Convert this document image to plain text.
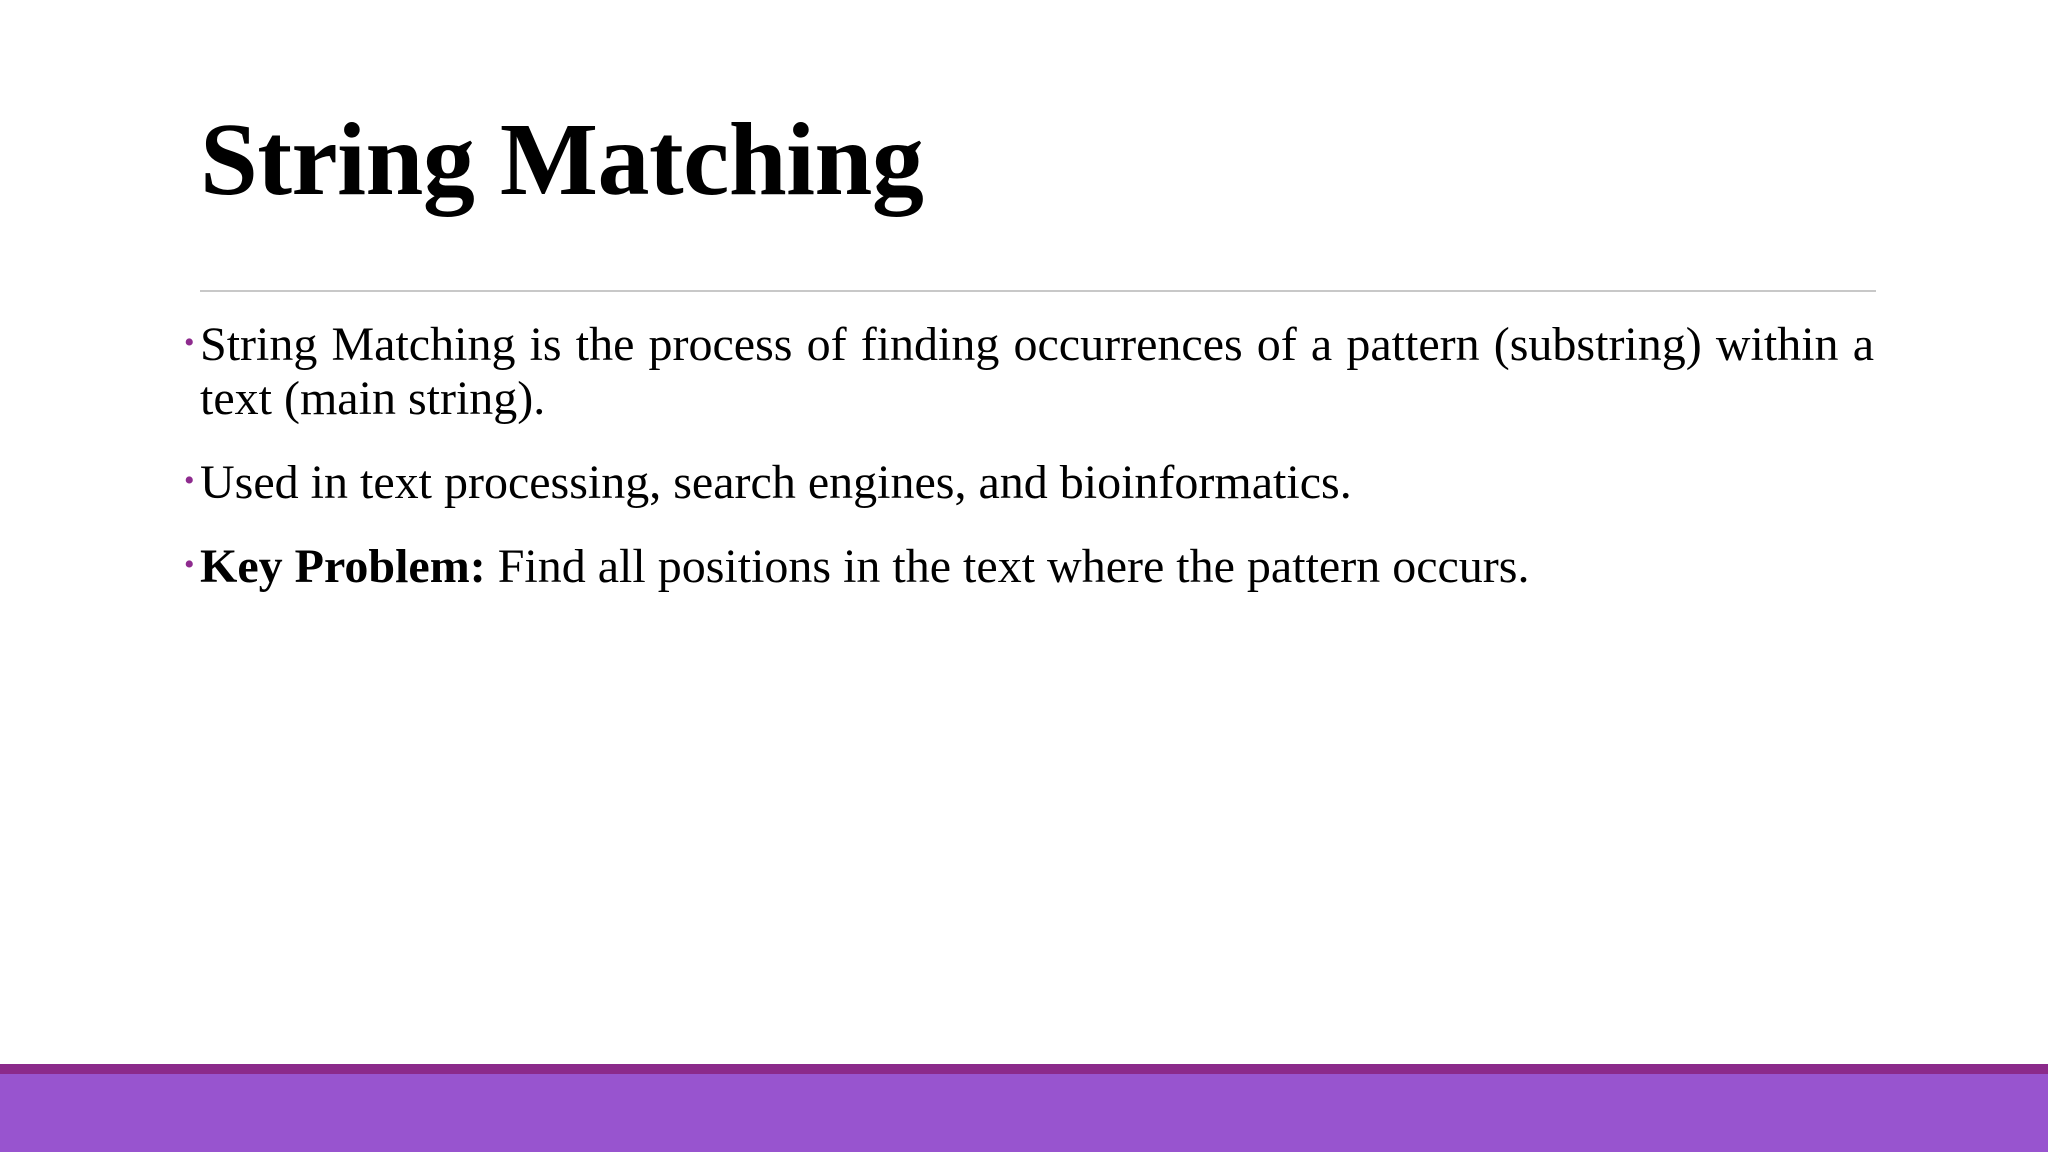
String Matching
• String Matching is the process of finding occurrences of a pattern (substring) within a text (main string).
• Used in text processing, search engines, and bioinformatics.
• Key Problem: Find all positions in the text where the pattern occurs.
